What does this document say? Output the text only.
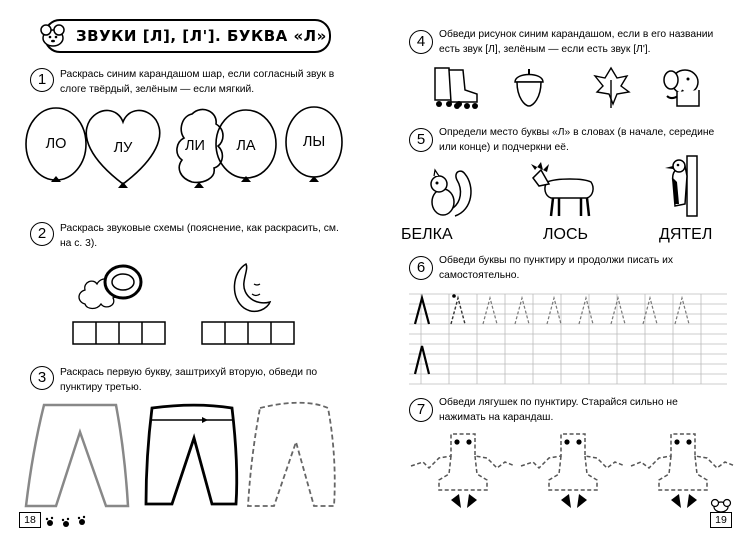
ЗВУКИ [Л], [Л']. БУКВА «Л»
1	Раскрась синим карандашом шар, если согласный звук в слоге твёрдый, зелёным — если мягкий.
ЛО	ЛУ	ЛИ	ЛА	ЛЫ
2	Раскрась звуковые схемы (пояснение, как раскрасить, см. на с. 3).
3	Раскрась первую букву, заштрихуй вторую, обведи по пунктиру третью.
18
4	Обведи рисунок синим карандашом, если в его названии есть звук [Л], зелёным — если есть звук [Л'].
5	Определи место буквы «Л» в словах (в начале, середине или конце) и подчеркни её.
БЕЛКА	ЛОСЬ	ДЯТЕЛ
6	Обведи буквы по пунктиру и продолжи писать их самостоятельно.
7	Обведи лягушек по пунктиру. Старайся сильно не нажимать на карандаш.
19
